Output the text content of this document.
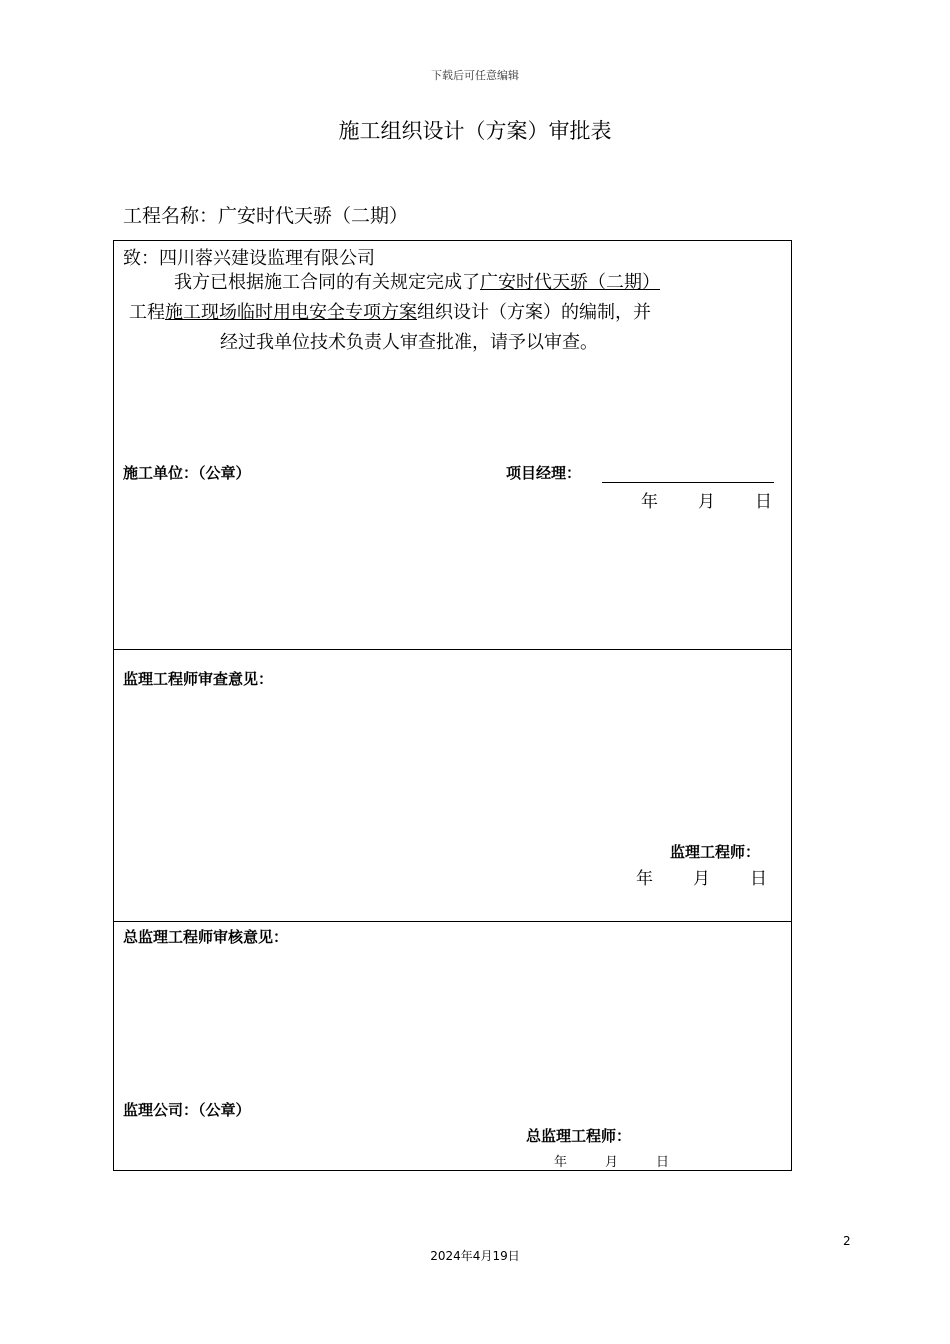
下载后可任意编辑
施工组织设计（方案）审批表
工程名称：广安时代天骄（二期）
致：四川蓉兴建设监理有限公司
我方已根据施工合同的有关规定完成了广安时代天骄（二期）
工程施工现场临时用电安全专项方案组织设计（方案）的编制，并
经过我单位技术负责人审查批准，请予以审查。
施工单位：（公章）	项目经理：
年 月 日

监理工程师审查意见：
监理工程师：
年 月 日

总监理工程师审核意见：
监理公司：（公章）
总监理工程师：
年	月	日
2
2024年4月19日
